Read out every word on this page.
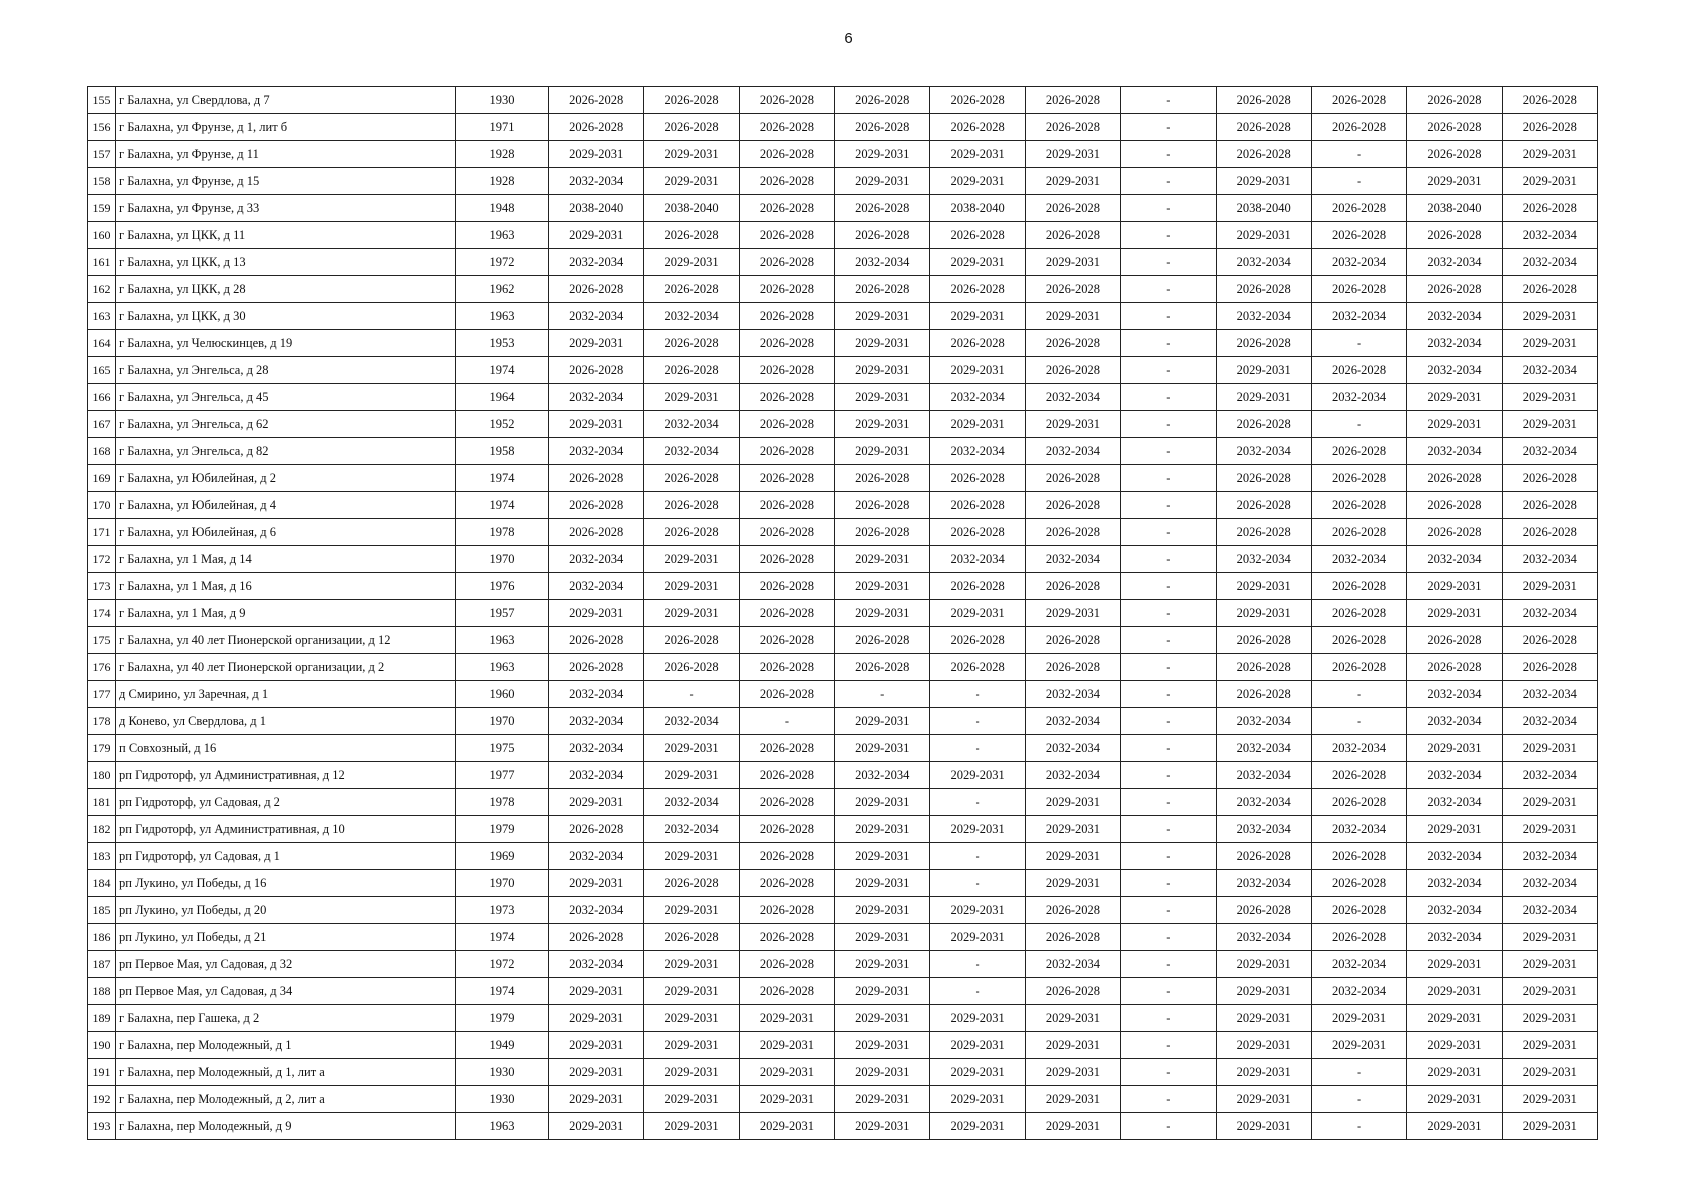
6
155	г Балахна, ул Свердлова, д 7	1930	2026-2028	2026-2028	2026-2028	2026-2028	2026-2028	2026-2028	-	2026-2028	2026-2028	2026-2028	2026-2028
156	г Балахна, ул Фрунзе, д 1, лит б	1971	2026-2028	2026-2028	2026-2028	2026-2028	2026-2028	2026-2028	-	2026-2028	2026-2028	2026-2028	2026-2028
157	г Балахна, ул Фрунзе, д 11	1928	2029-2031	2029-2031	2026-2028	2029-2031	2029-2031	2029-2031	-	2026-2028	-	2026-2028	2029-2031
158	г Балахна, ул Фрунзе, д 15	1928	2032-2034	2029-2031	2026-2028	2029-2031	2029-2031	2029-2031	-	2029-2031	-	2029-2031	2029-2031
159	г Балахна, ул Фрунзе, д 33	1948	2038-2040	2038-2040	2026-2028	2026-2028	2038-2040	2026-2028	-	2038-2040	2026-2028	2038-2040	2026-2028
160	г Балахна, ул ЦКК, д 11	1963	2029-2031	2026-2028	2026-2028	2026-2028	2026-2028	2026-2028	-	2029-2031	2026-2028	2026-2028	2032-2034
161	г Балахна, ул ЦКК, д 13	1972	2032-2034	2029-2031	2026-2028	2032-2034	2029-2031	2029-2031	-	2032-2034	2032-2034	2032-2034	2032-2034
162	г Балахна, ул ЦКК, д 28	1962	2026-2028	2026-2028	2026-2028	2026-2028	2026-2028	2026-2028	-	2026-2028	2026-2028	2026-2028	2026-2028
163	г Балахна, ул ЦКК, д 30	1963	2032-2034	2032-2034	2026-2028	2029-2031	2029-2031	2029-2031	-	2032-2034	2032-2034	2032-2034	2029-2031
164	г Балахна, ул Челюскинцев, д 19	1953	2029-2031	2026-2028	2026-2028	2029-2031	2026-2028	2026-2028	-	2026-2028	-	2032-2034	2029-2031
165	г Балахна, ул Энгельса, д 28	1974	2026-2028	2026-2028	2026-2028	2029-2031	2029-2031	2026-2028	-	2029-2031	2026-2028	2032-2034	2032-2034
166	г Балахна, ул Энгельса, д 45	1964	2032-2034	2029-2031	2026-2028	2029-2031	2032-2034	2032-2034	-	2029-2031	2032-2034	2029-2031	2029-2031
167	г Балахна, ул Энгельса, д 62	1952	2029-2031	2032-2034	2026-2028	2029-2031	2029-2031	2029-2031	-	2026-2028	-	2029-2031	2029-2031
168	г Балахна, ул Энгельса, д 82	1958	2032-2034	2032-2034	2026-2028	2029-2031	2032-2034	2032-2034	-	2032-2034	2026-2028	2032-2034	2032-2034
169	г Балахна, ул Юбилейная, д 2	1974	2026-2028	2026-2028	2026-2028	2026-2028	2026-2028	2026-2028	-	2026-2028	2026-2028	2026-2028	2026-2028
170	г Балахна, ул Юбилейная, д 4	1974	2026-2028	2026-2028	2026-2028	2026-2028	2026-2028	2026-2028	-	2026-2028	2026-2028	2026-2028	2026-2028
171	г Балахна, ул Юбилейная, д 6	1978	2026-2028	2026-2028	2026-2028	2026-2028	2026-2028	2026-2028	-	2026-2028	2026-2028	2026-2028	2026-2028
172	г Балахна, ул 1 Мая, д 14	1970	2032-2034	2029-2031	2026-2028	2029-2031	2032-2034	2032-2034	-	2032-2034	2032-2034	2032-2034	2032-2034
173	г Балахна, ул 1 Мая, д 16	1976	2032-2034	2029-2031	2026-2028	2029-2031	2026-2028	2026-2028	-	2029-2031	2026-2028	2029-2031	2029-2031
174	г Балахна, ул 1 Мая, д 9	1957	2029-2031	2029-2031	2026-2028	2029-2031	2029-2031	2029-2031	-	2029-2031	2026-2028	2029-2031	2032-2034
175	г Балахна, ул 40 лет Пионерской организации, д 12	1963	2026-2028	2026-2028	2026-2028	2026-2028	2026-2028	2026-2028	-	2026-2028	2026-2028	2026-2028	2026-2028
176	г Балахна, ул 40 лет Пионерской организации, д 2	1963	2026-2028	2026-2028	2026-2028	2026-2028	2026-2028	2026-2028	-	2026-2028	2026-2028	2026-2028	2026-2028
177	д Смирино, ул Заречная, д 1	1960	2032-2034	-	2026-2028	-	-	2032-2034	-	2026-2028	-	2032-2034	2032-2034
178	д Конево, ул Свердлова, д 1	1970	2032-2034	2032-2034	-	2029-2031	-	2032-2034	-	2032-2034	-	2032-2034	2032-2034
179	п Совхозный, д 16	1975	2032-2034	2029-2031	2026-2028	2029-2031	-	2032-2034	-	2032-2034	2032-2034	2029-2031	2029-2031
180	рп Гидроторф, ул Административная, д 12	1977	2032-2034	2029-2031	2026-2028	2032-2034	2029-2031	2032-2034	-	2032-2034	2026-2028	2032-2034	2032-2034
181	рп Гидроторф, ул Садовая, д 2	1978	2029-2031	2032-2034	2026-2028	2029-2031	-	2029-2031	-	2032-2034	2026-2028	2032-2034	2029-2031
182	рп Гидроторф, ул Административная, д 10	1979	2026-2028	2032-2034	2026-2028	2029-2031	2029-2031	2029-2031	-	2032-2034	2032-2034	2029-2031	2029-2031
183	рп Гидроторф, ул Садовая, д 1	1969	2032-2034	2029-2031	2026-2028	2029-2031	-	2029-2031	-	2026-2028	2026-2028	2032-2034	2032-2034
184	рп Лукино, ул Победы, д 16	1970	2029-2031	2026-2028	2026-2028	2029-2031	-	2029-2031	-	2032-2034	2026-2028	2032-2034	2032-2034
185	рп Лукино, ул Победы, д 20	1973	2032-2034	2029-2031	2026-2028	2029-2031	2029-2031	2026-2028	-	2026-2028	2026-2028	2032-2034	2032-2034
186	рп Лукино, ул Победы, д 21	1974	2026-2028	2026-2028	2026-2028	2029-2031	2029-2031	2026-2028	-	2032-2034	2026-2028	2032-2034	2029-2031
187	рп Первое Мая, ул Садовая, д 32	1972	2032-2034	2029-2031	2026-2028	2029-2031	-	2032-2034	-	2029-2031	2032-2034	2029-2031	2029-2031
188	рп Первое Мая, ул Садовая, д 34	1974	2029-2031	2029-2031	2026-2028	2029-2031	-	2026-2028	-	2029-2031	2032-2034	2029-2031	2029-2031
189	г Балахна, пер Гашека, д 2	1979	2029-2031	2029-2031	2029-2031	2029-2031	2029-2031	2029-2031	-	2029-2031	2029-2031	2029-2031	2029-2031
190	г Балахна, пер Молодежный, д 1	1949	2029-2031	2029-2031	2029-2031	2029-2031	2029-2031	2029-2031	-	2029-2031	2029-2031	2029-2031	2029-2031
191	г Балахна, пер Молодежный, д 1, лит а	1930	2029-2031	2029-2031	2029-2031	2029-2031	2029-2031	2029-2031	-	2029-2031	-	2029-2031	2029-2031
192	г Балахна, пер Молодежный, д 2, лит а	1930	2029-2031	2029-2031	2029-2031	2029-2031	2029-2031	2029-2031	-	2029-2031	-	2029-2031	2029-2031
193	г Балахна, пер Молодежный, д 9	1963	2029-2031	2029-2031	2029-2031	2029-2031	2029-2031	2029-2031	-	2029-2031	-	2029-2031	2029-2031
